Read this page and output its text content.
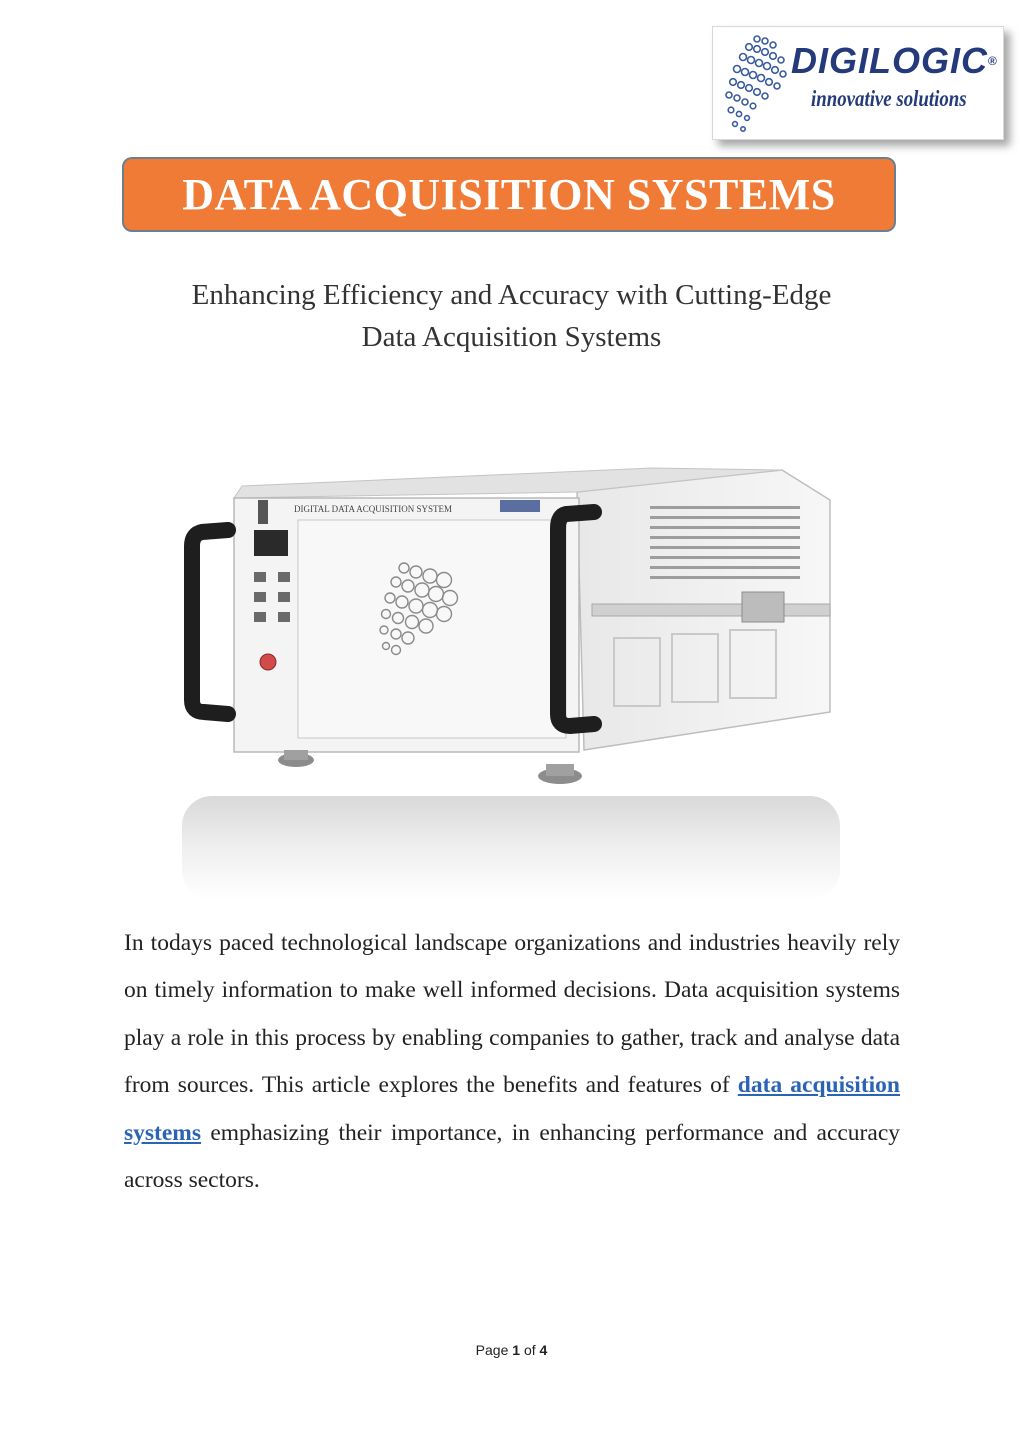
DIGILOGIC®
innovative solutions
DATA ACQUISITION SYSTEMS
Enhancing Efficiency and Accuracy with Cutting-Edge
Data Acquisition Systems
DIGITAL DATA ACQUISITION SYSTEM
In todays paced technological landscape organizations and industries heavily rely on timely information to make well informed decisions. Data acquisition systems play a role in this process by enabling companies to gather, track and analyse data from sources. This article explores the benefits and features of data acquisition systems emphasizing their importance, in enhancing performance and accuracy across sectors.
Page 1 of 4
